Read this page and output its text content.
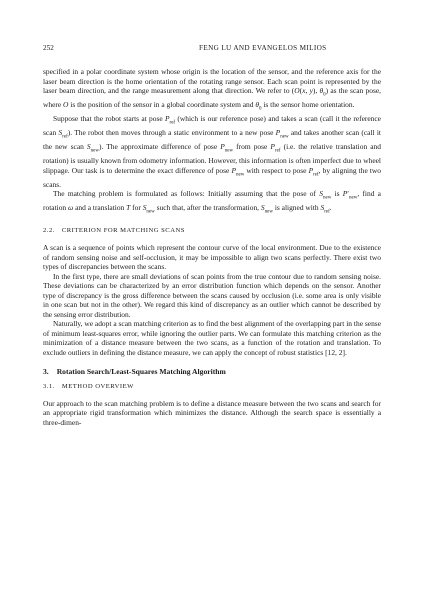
252	FENG LU AND EVANGELOS MILIOS

specified in a polar coordinate system whose origin is the location of the sensor, and the reference axis for the laser beam direction is the home orientation of the rotating range sensor. Each scan point is represented by the laser beam direction, and the range measurement along that direction. We refer to (O(x, y), $\theta_0$) as the scan pose, where O is the position of the sensor in a global coordinate system and $\theta_0$ is the sensor home orientation.

Suppose that the robot starts at pose $P_{ref}$ (which is our reference pose) and takes a scan (call it the reference scan $S_{ref}$). The robot then moves through a static environment to a new pose $P_{new}$ and takes another scan (call it the new scan $S_{new}$). The approximate difference of pose $P_{new}$ from pose $P_{ref}$ (i.e. the relative translation and rotation) is usually known from odometry information. However, this information is often imperfect due to wheel slippage. Our task is to determine the exact difference of pose $P_{new}$ with respect to pose $P_{ref}$, by aligning the two scans.

The matching problem is formulated as follows: Initially assuming that the pose of $S_{new}$ is $P'_{new}$, find a rotation ω and a translation T for $S_{new}$ such that, after the transformation, $S_{new}$ is aligned with $S_{ref}$.

2.2. CRITERION FOR MATCHING SCANS

A scan is a sequence of points which represent the contour curve of the local environment. Due to the existence of random sensing noise and self-occlusion, it may be impossible to align two scans perfectly. There exist two types of discrepancies between the scans.

In the first type, there are small deviations of scan points from the true contour due to random sensing noise. These deviations can be characterized by an error distribution function which depends on the sensor. Another type of discrepancy is the gross difference between the scans caused by occlusion (i.e. some area is only visible in one scan but not in the other). We regard this kind of discrepancy as an outlier which cannot be described by the sensing error distribution.

Naturally, we adopt a scan matching criterion as to find the best alignment of the overlapping part in the sense of minimum least-squares error, while ignoring the outlier parts. We can formulate this matching criterion as the minimization of a distance measure between the two scans, as a function of the rotation and translation. To exclude outliers in defining the distance measure, we can apply the concept of robust statistics [12, 2].

3. Rotation Search/Least-Squares Matching Algorithm
3.1. METHOD OVERVIEW

Our approach to the scan matching problem is to define a distance measure between the two scans and search for an appropriate rigid transformation which minimizes the distance. Although the search space is essentially a three-dimen-
